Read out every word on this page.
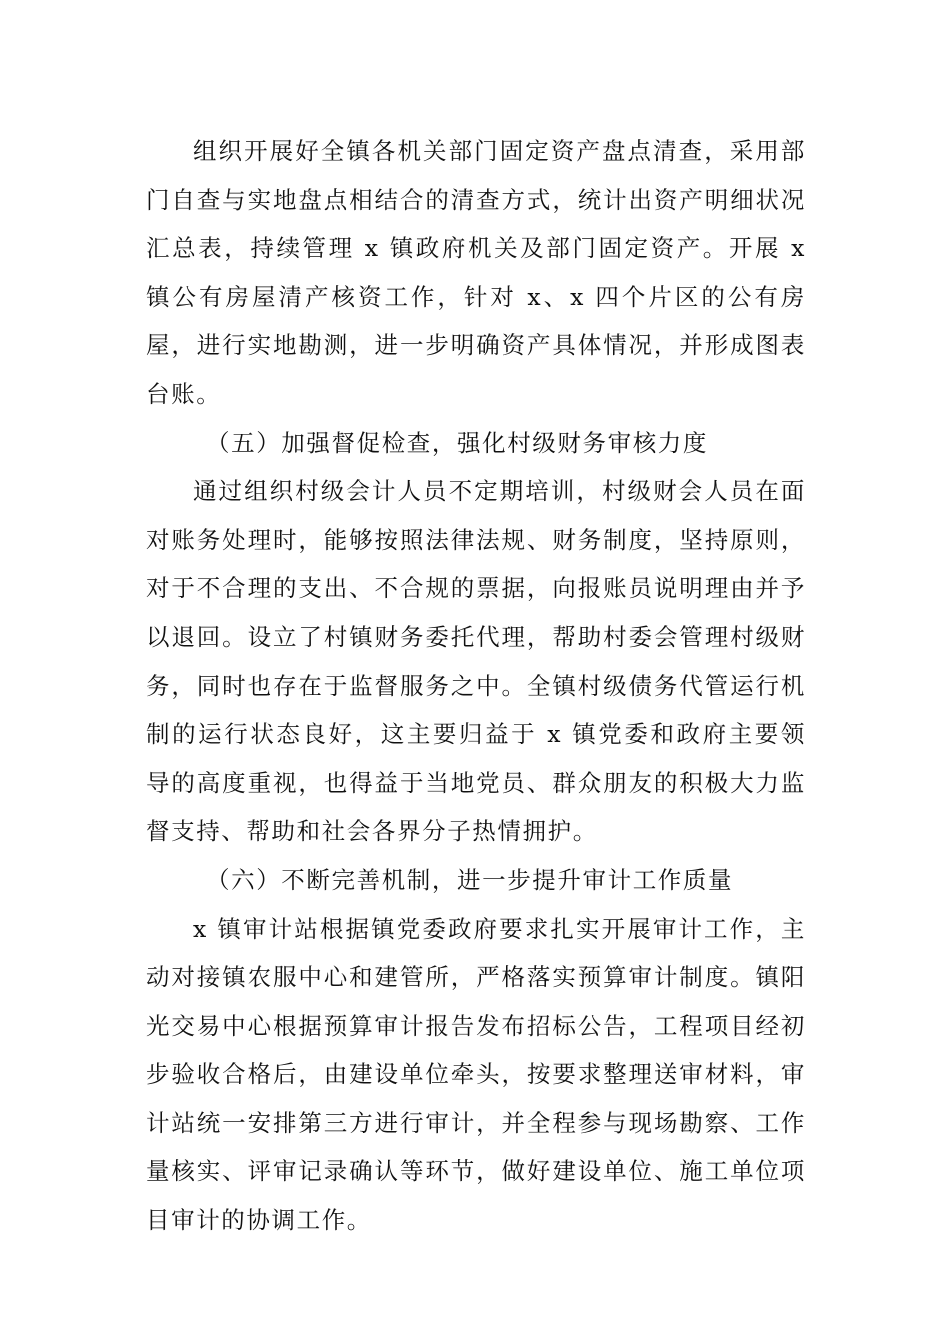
组织开展好全镇各机关部门固定资产盘点清查，采用部门自查与实地盘点相结合的清查方式，统计出资产明细状况汇总表，持续管理 x 镇政府机关及部门固定资产。开展 x 镇公有房屋清产核资工作，针对 x、x 四个片区的公有房屋，进行实地勘测，进一步明确资产具体情况，并形成图表台账。

（五）加强督促检查，强化村级财务审核力度

通过组织村级会计人员不定期培训，村级财会人员在面对账务处理时，能够按照法律法规、财务制度，坚持原则，对于不合理的支出、不合规的票据，向报账员说明理由并予以退回。设立了村镇财务委托代理，帮助村委会管理村级财务，同时也存在于监督服务之中。全镇村级债务代管运行机制的运行状态良好，这主要归益于 x 镇党委和政府主要领导的高度重视，也得益于当地党员、群众朋友的积极大力监督支持、帮助和社会各界分子热情拥护。

（六）不断完善机制，进一步提升审计工作质量

x 镇审计站根据镇党委政府要求扎实开展审计工作，主动对接镇农服中心和建管所，严格落实预算审计制度。镇阳光交易中心根据预算审计报告发布招标公告，工程项目经初步验收合格后，由建设单位牵头，按要求整理送审材料，审计站统一安排第三方进行审计，并全程参与现场勘察、工作量核实、评审记录确认等环节，做好建设单位、施工单位项目审计的协调工作。
